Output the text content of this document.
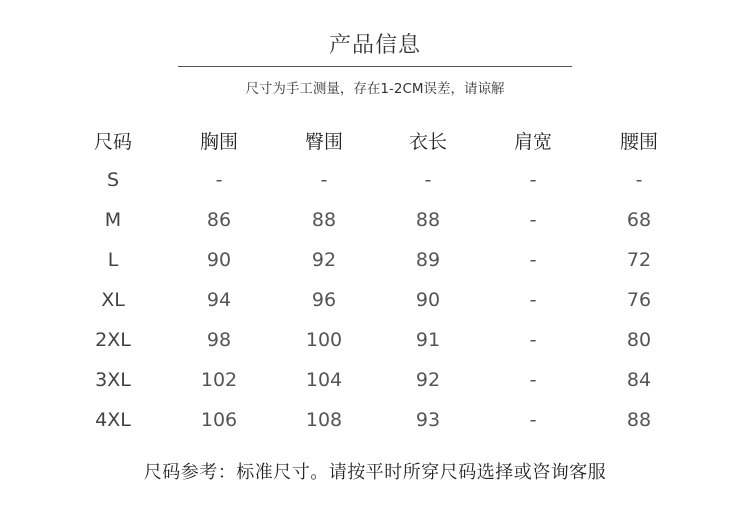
产品信息
尺寸为手工测量，存在1-2CM误差，请谅解
尺码	胸围	臀围	衣长	肩宽	腰围
S	-	-	-	-	-
M	86	88	88	-	68
L	90	92	89	-	72
XL	94	96	90	-	76
2XL	98	100	91	-	80
3XL	102	104	92	-	84
4XL	106	108	93	-	88
尺码参考：标准尺寸。请按平时所穿尺码选择或咨询客服
